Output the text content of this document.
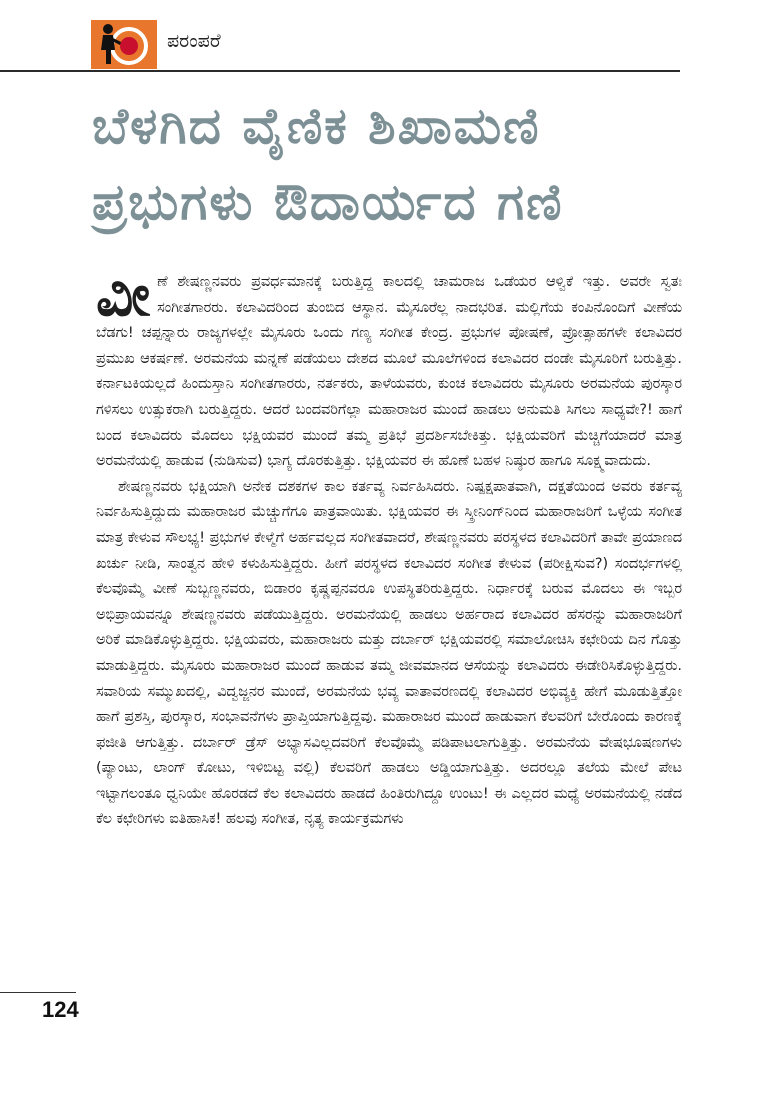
ಪರಂಪರೆ
ಬೆಳಗಿದ ವೈಣಿಕ ಶಿಖಾಮಣಿ
ಪ್ರಭುಗಳು ಔದಾರ್ಯದ ಗಣಿ

ವೀಣೆ ಶೇಷಣ್ಣನವರು ಪ್ರವರ್ಧಮಾನಕ್ಕೆ ಬರುತ್ತಿದ್ದ ಕಾಲದಲ್ಲಿ ಚಾಮರಾಜ ಒಡೆಯರ ಆಳ್ವಿಕೆ ಇತ್ತು. ಅವರೇ ಸ್ವತಃ ಸಂಗೀತಗಾರರು. ಕಲಾವಿದರಿಂದ ತುಂಬಿದ ಆಸ್ಥಾನ. ಮೈಸೂರೆಲ್ಲ ನಾದಭರಿತ. ಮಲ್ಲಿಗೆಯ ಕಂಪಿನೊಂದಿಗೆ ವೀಣೆಯ ಬೆಡಗು! ಚಪ್ಪನ್ನಾರು ರಾಜ್ಯಗಳಲ್ಲೇ ಮೈಸೂರು ಒಂದು ಗಣ್ಯ ಸಂಗೀತ ಕೇಂದ್ರ. ಪ್ರಭುಗಳ ಪೋಷಣೆ, ಪ್ರೋತ್ಸಾಹಗಳೇ ಕಲಾವಿದರ ಪ್ರಮುಖ ಆಕರ್ಷಣೆ. ಅರಮನೆಯ ಮನ್ನಣೆ ಪಡೆಯಲು ದೇಶದ ಮೂಲೆ ಮೂಲೆಗಳಿಂದ ಕಲಾವಿದರ ದಂಡೇ ಮೈಸೂರಿಗೆ ಬರುತ್ತಿತ್ತು. ಕರ್ನಾಟಕಿಯಲ್ಲದೆ ಹಿಂದುಸ್ತಾನಿ ಸಂಗೀತಗಾರರು, ನರ್ತಕರು, ತಾಳೆಯವರು, ಕುಂಚ ಕಲಾವಿದರು ಮೈಸೂರು ಅರಮನೆಯ ಪುರಸ್ಕಾರ ಗಳಿಸಲು ಉತ್ಸುಕರಾಗಿ ಬರುತ್ತಿದ್ದರು. ಆದರೆ ಬಂದವರಿಗೆಲ್ಲಾ ಮಹಾರಾಜರ ಮುಂದೆ ಹಾಡಲು ಅನುಮತಿ ಸಿಗಲು ಸಾಧ್ಯವೇ?! ಹಾಗೆ ಬಂದ ಕಲಾವಿದರು ಮೊದಲು ಭಕ್ಷಿಯವರ ಮುಂದೆ ತಮ್ಮ ಪ್ರತಿಭೆ ಪ್ರದರ್ಶಿಸಬೇಕಿತ್ತು. ಭಕ್ಷಿಯವರಿಗೆ ಮೆಚ್ಚಿಗೆಯಾದರೆ ಮಾತ್ರ ಅರಮನೆಯಲ್ಲಿ ಹಾಡುವ (ನುಡಿಸುವ) ಭಾಗ್ಯ ದೊರಕುತ್ತಿತ್ತು. ಭಕ್ಷಿಯವರ ಈ ಹೊಣೆ ಬಹಳ ನಿಷ್ಠುರ ಹಾಗೂ ಸೂಕ್ಷ್ಮವಾದುದು.

ಶೇಷಣ್ಣನವರು ಭಕ್ಷಿಯಾಗಿ ಅನೇಕ ದಶಕಗಳ ಕಾಲ ಕರ್ತವ್ಯ ನಿರ್ವಹಿಸಿದರು. ನಿಷ್ಪಕ್ಷಪಾತವಾಗಿ, ದಕ್ಷತೆಯಿಂದ ಅವರು ಕರ್ತವ್ಯ ನಿರ್ವಹಿಸುತ್ತಿದ್ದುದು ಮಹಾರಾಜರ ಮೆಚ್ಚುಗೆಗೂ ಪಾತ್ರವಾಯಿತು. ಭಕ್ಷಿಯವರ ಈ ಸ್ಕ್ರೀನಿಂಗ್‌ನಿಂದ ಮಹಾರಾಜರಿಗೆ ಒಳ್ಳೆಯ ಸಂಗೀತ ಮಾತ್ರ ಕೇಳುವ ಸೌಲಭ್ಯ! ಪ್ರಭುಗಳ ಕೇಳ್ಮೆಗೆ ಅರ್ಹವಲ್ಲದ ಸಂಗೀತವಾದರೆ, ಶೇಷಣ್ಣನವರು ಪರಸ್ಥಳದ ಕಲಾವಿದರಿಗೆ ತಾವೇ ಪ್ರಯಾಣದ ಖರ್ಚು ನೀಡಿ, ಸಾಂತ್ವನ ಹೇಳಿ ಕಳುಹಿಸುತ್ತಿದ್ದರು. ಹೀಗೆ ಪರಸ್ಥಳದ ಕಲಾವಿದರ ಸಂಗೀತ ಕೇಳುವ (ಪರೀಕ್ಷಿಸುವ?) ಸಂದರ್ಭಗಳಲ್ಲಿ ಕೆಲವೊಮ್ಮೆ ವೀಣೆ ಸುಬ್ಬಣ್ಣನವರು, ಬಿಡಾರಂ ಕೃಷ್ಣಪ್ಪನವರೂ ಉಪಸ್ಥಿತರಿರುತ್ತಿದ್ದರು. ನಿರ್ಧಾರಕ್ಕೆ ಬರುವ ಮೊದಲು ಈ ಇಬ್ಬರ ಅಭಿಪ್ರಾಯವನ್ನೂ ಶೇಷಣ್ಣನವರು ಪಡೆಯುತ್ತಿದ್ದರು. ಅರಮನೆಯಲ್ಲಿ ಹಾಡಲು ಅರ್ಹರಾದ ಕಲಾವಿದರ ಹೆಸರನ್ನು ಮಹಾರಾಜರಿಗೆ ಅರಿಕೆ ಮಾಡಿಕೊಳ್ಳುತ್ತಿದ್ದರು. ಭಕ್ಷಿಯವರು, ಮಹಾರಾಜರು ಮತ್ತು ದರ್ಬಾರ್ ಭಕ್ಷಿಯವರಲ್ಲಿ ಸಮಾಲೋಚಿಸಿ ಕಛೇರಿಯ ದಿನ ಗೊತ್ತು ಮಾಡುತ್ತಿದ್ದರು. ಮೈಸೂರು ಮಹಾರಾಜರ ಮುಂದೆ ಹಾಡುವ ತಮ್ಮ ಜೀವಮಾನದ ಆಸೆಯನ್ನು ಕಲಾವಿದರು ಈಡೇರಿಸಿಕೊಳ್ಳುತ್ತಿದ್ದರು. ಸವಾರಿಯ ಸಮ್ಮುಖದಲ್ಲಿ, ವಿದ್ವಜ್ಜನರ ಮುಂದೆ, ಅರಮನೆಯ ಭವ್ಯ ವಾತಾವರಣದಲ್ಲಿ ಕಲಾವಿದರ ಅಭಿವ್ಯಕ್ತಿ ಹೇಗೆ ಮೂಡುತ್ತಿತ್ತೋ ಹಾಗೆ ಪ್ರಶಸ್ತಿ, ಪುರಸ್ಕಾರ, ಸಂಭಾವನೆಗಳು ಪ್ರಾಪ್ತಿಯಾಗುತ್ತಿದ್ದವು. ಮಹಾರಾಜರ ಮುಂದೆ ಹಾಡುವಾಗ ಕೆಲವರಿಗೆ ಬೇರೊಂದು ಕಾರಣಕ್ಕೆ ಫಜೀತಿ ಆಗುತ್ತಿತ್ತು. ದರ್ಬಾರ್ ಡ್ರೆಸ್ ಅಭ್ಯಾಸವಿಲ್ಲದವರಿಗೆ ಕೆಲವೊಮ್ಮೆ ಪಡಿಪಾಟಲಾಗುತ್ತಿತ್ತು. ಅರಮನೆಯ ವೇಷಭೂಷಣಗಳು (ಪ್ಯಾಂಟು, ಲಾಂಗ್ ಕೋಟು, ಇಳಿಬಿಟ್ಟ ವಲ್ಲಿ) ಕೆಲವರಿಗೆ ಹಾಡಲು ಅಡ್ಡಿಯಾಗುತ್ತಿತ್ತು. ಅದರಲ್ಲೂ ತಲೆಯ ಮೇಲೆ ಪೇಟ ಇಟ್ಟಾಗಲಂತೂ ಧ್ವನಿಯೇ ಹೊರಡದೆ ಕೆಲ ಕಲಾವಿದರು ಹಾಡದೆ ಹಿಂತಿರುಗಿದ್ದೂ ಉಂಟು! ಈ ಎಲ್ಲದರ ಮಧ್ಯೆ ಅರಮನೆಯಲ್ಲಿ ನಡೆದ ಕೆಲ ಕಛೇರಿಗಳು ಐತಿಹಾಸಿಕ! ಹಲವು ಸಂಗೀತ, ನೃತ್ಯ ಕಾರ್ಯಕ್ರಮಗಳು

124
